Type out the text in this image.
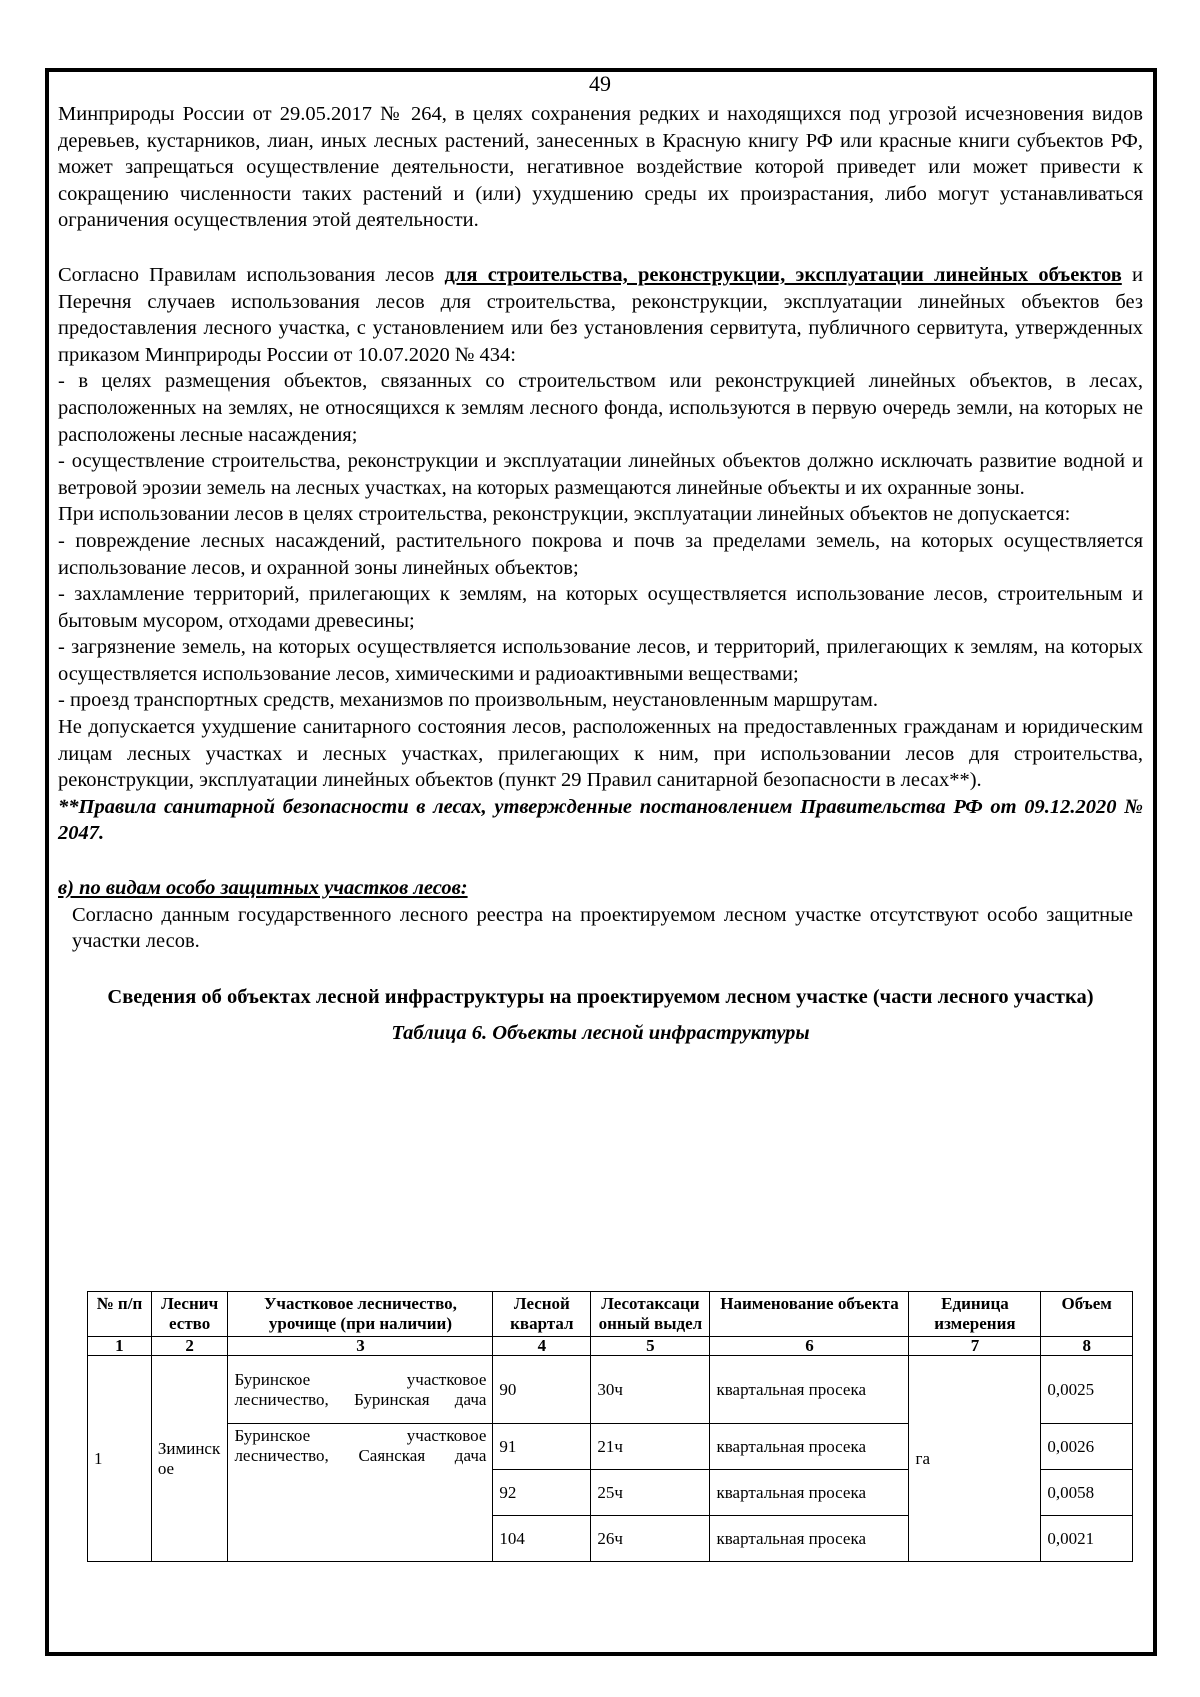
49

Минприроды России от 29.05.2017 № 264, в целях сохранения редких и находящихся под угрозой исчезновения видов деревьев, кустарников, лиан, иных лесных растений, занесенных в Красную книгу РФ или красные книги субъектов РФ, может запрещаться осуществление деятельности, негативное воздействие которой приведет или может привести к сокращению численности таких растений и (или) ухудшению среды их произрастания, либо могут устанавливаться ограничения осуществления этой деятельности.

Согласно Правилам использования лесов для строительства, реконструкции, эксплуатации линейных объектов и Перечня случаев использования лесов для строительства, реконструкции, эксплуатации линейных объектов без предоставления лесного участка, с установлением или без установления сервитута, публичного сервитута, утвержденных приказом Минприроды России от 10.07.2020 № 434:

- в целях размещения объектов, связанных со строительством или реконструкцией линейных объектов, в лесах, расположенных на землях, не относящихся к землям лесного фонда, используются в первую очередь земли, на которых не расположены лесные насаждения;

- осуществление строительства, реконструкции и эксплуатации линейных объектов должно исключать развитие водной и ветровой эрозии земель на лесных участках, на которых размещаются линейные объекты и их охранные зоны.

При использовании лесов в целях строительства, реконструкции, эксплуатации линейных объектов не допускается:

- повреждение лесных насаждений, растительного покрова и почв за пределами земель, на которых осуществляется использование лесов, и охранной зоны линейных объектов;

- захламление территорий, прилегающих к землям, на которых осуществляется использование лесов, строительным и бытовым мусором, отходами древесины;

- загрязнение земель, на которых осуществляется использование лесов, и территорий, прилегающих к землям, на которых осуществляется использование лесов, химическими и радиоактивными веществами;

- проезд транспортных средств, механизмов по произвольным, неустановленным маршрутам.

Не допускается ухудшение санитарного состояния лесов, расположенных на предоставленных гражданам и юридическим лицам лесных участках и лесных участках, прилегающих к ним, при использовании лесов для строительства, реконструкции, эксплуатации линейных объектов (пункт 29 Правил санитарной безопасности в лесах**).

**Правила санитарной безопасности в лесах, утвержденные постановлением Правительства РФ от 09.12.2020 № 2047.

в) по видам особо защитных участков лесов:

Согласно данным государственного лесного реестра на проектируемом лесном участке отсутствуют особо защитные участки лесов.

Сведения об объектах лесной инфраструктуры на проектируемом лесном участке (части лесного участка)

Таблица 6. Объекты лесной инфраструктуры

№ п/п	Лесничество	Участковое лесничество, урочище (при наличии)	Лесной квартал	Лесотаксационный выдел	Наименование объекта	Единица измерения	Объем
1	2	3	4	5	6	7	8
1	Зиминское	Буринское участковое лесничество, Буринская дача	90	30ч	квартальная просека	га	0,0025
		Буринское участковое лесничество, Саянская дача	91	21ч	квартальная просека		0,0026
			92	25ч	квартальная просека		0,0058
			104	26ч	квартальная просека		0,0021
